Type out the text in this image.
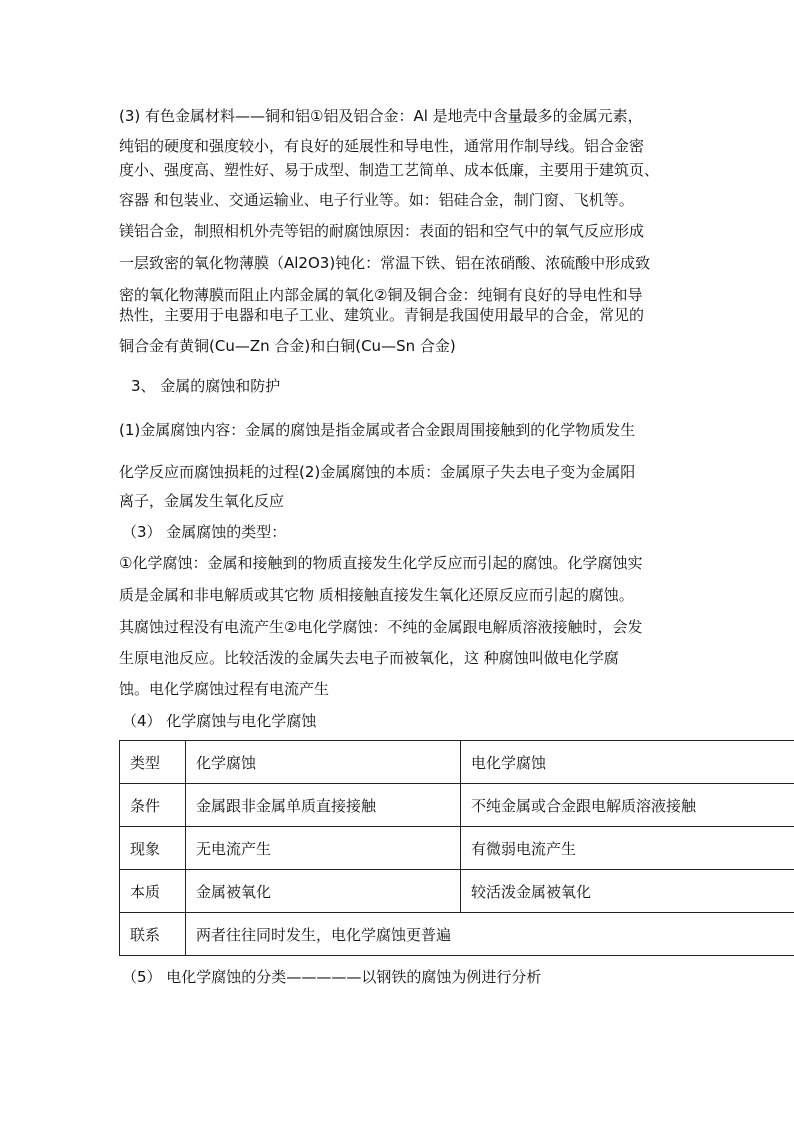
(3) 有色金属材料——铜和铝①铝及铝合金：Al 是地壳中含量最多的金属元素，
纯铝的硬度和强度较小，有良好的延展性和导电性，通常用作制导线。铝合金密
度小、强度高、塑性好、易于成型、制造工艺简单、成本低廉，主要用于建筑页、
容器 和包装业、交通运输业、电子行业等。如：铝硅合金，制门窗、飞机等。
镁铝合金，制照相机外壳等铝的耐腐蚀原因：表面的铝和空气中的氧气反应形成
一层致密的氧化物薄膜（Al2O3)钝化：常温下铁、铝在浓硝酸、浓硫酸中形成致
密的氧化物薄膜而阻止内部金属的氧化②铜及铜合金：纯铜有良好的导电性和导
热性，主要用于电器和电子工业、建筑业。青铜是我国使用最早的合金，常见的
铜合金有黄铜(Cu—Zn 合金)和白铜(Cu—Sn 合金)
3、 金属的腐蚀和防护
(1)金属腐蚀内容：金属的腐蚀是指金属或者合金跟周围接触到的化学物质发生
化学反应而腐蚀损耗的过程(2)金属腐蚀的本质：金属原子失去电子变为金属阳
离子，金属发生氧化反应
（3） 金属腐蚀的类型：
①化学腐蚀：金属和接触到的物质直接发生化学反应而引起的腐蚀。化学腐蚀实
质是金属和非电解质或其它物 质相接触直接发生氧化还原反应而引起的腐蚀。
其腐蚀过程没有电流产生②电化学腐蚀：不纯的金属跟电解质溶液接触时，会发
生原电池反应。比较活泼的金属失去电子而被氧化，这 种腐蚀叫做电化学腐
蚀。电化学腐蚀过程有电流产生
（4） 化学腐蚀与电化学腐蚀
类型	化学腐蚀	电化学腐蚀
条件	金属跟非金属单质直接接触	不纯金属或合金跟电解质溶液接触
现象	无电流产生	有微弱电流产生
本质	金属被氧化	较活泼金属被氧化
联系	两者往往同时发生，电化学腐蚀更普遍	
（5） 电化学腐蚀的分类—————以钢铁的腐蚀为例进行分析
